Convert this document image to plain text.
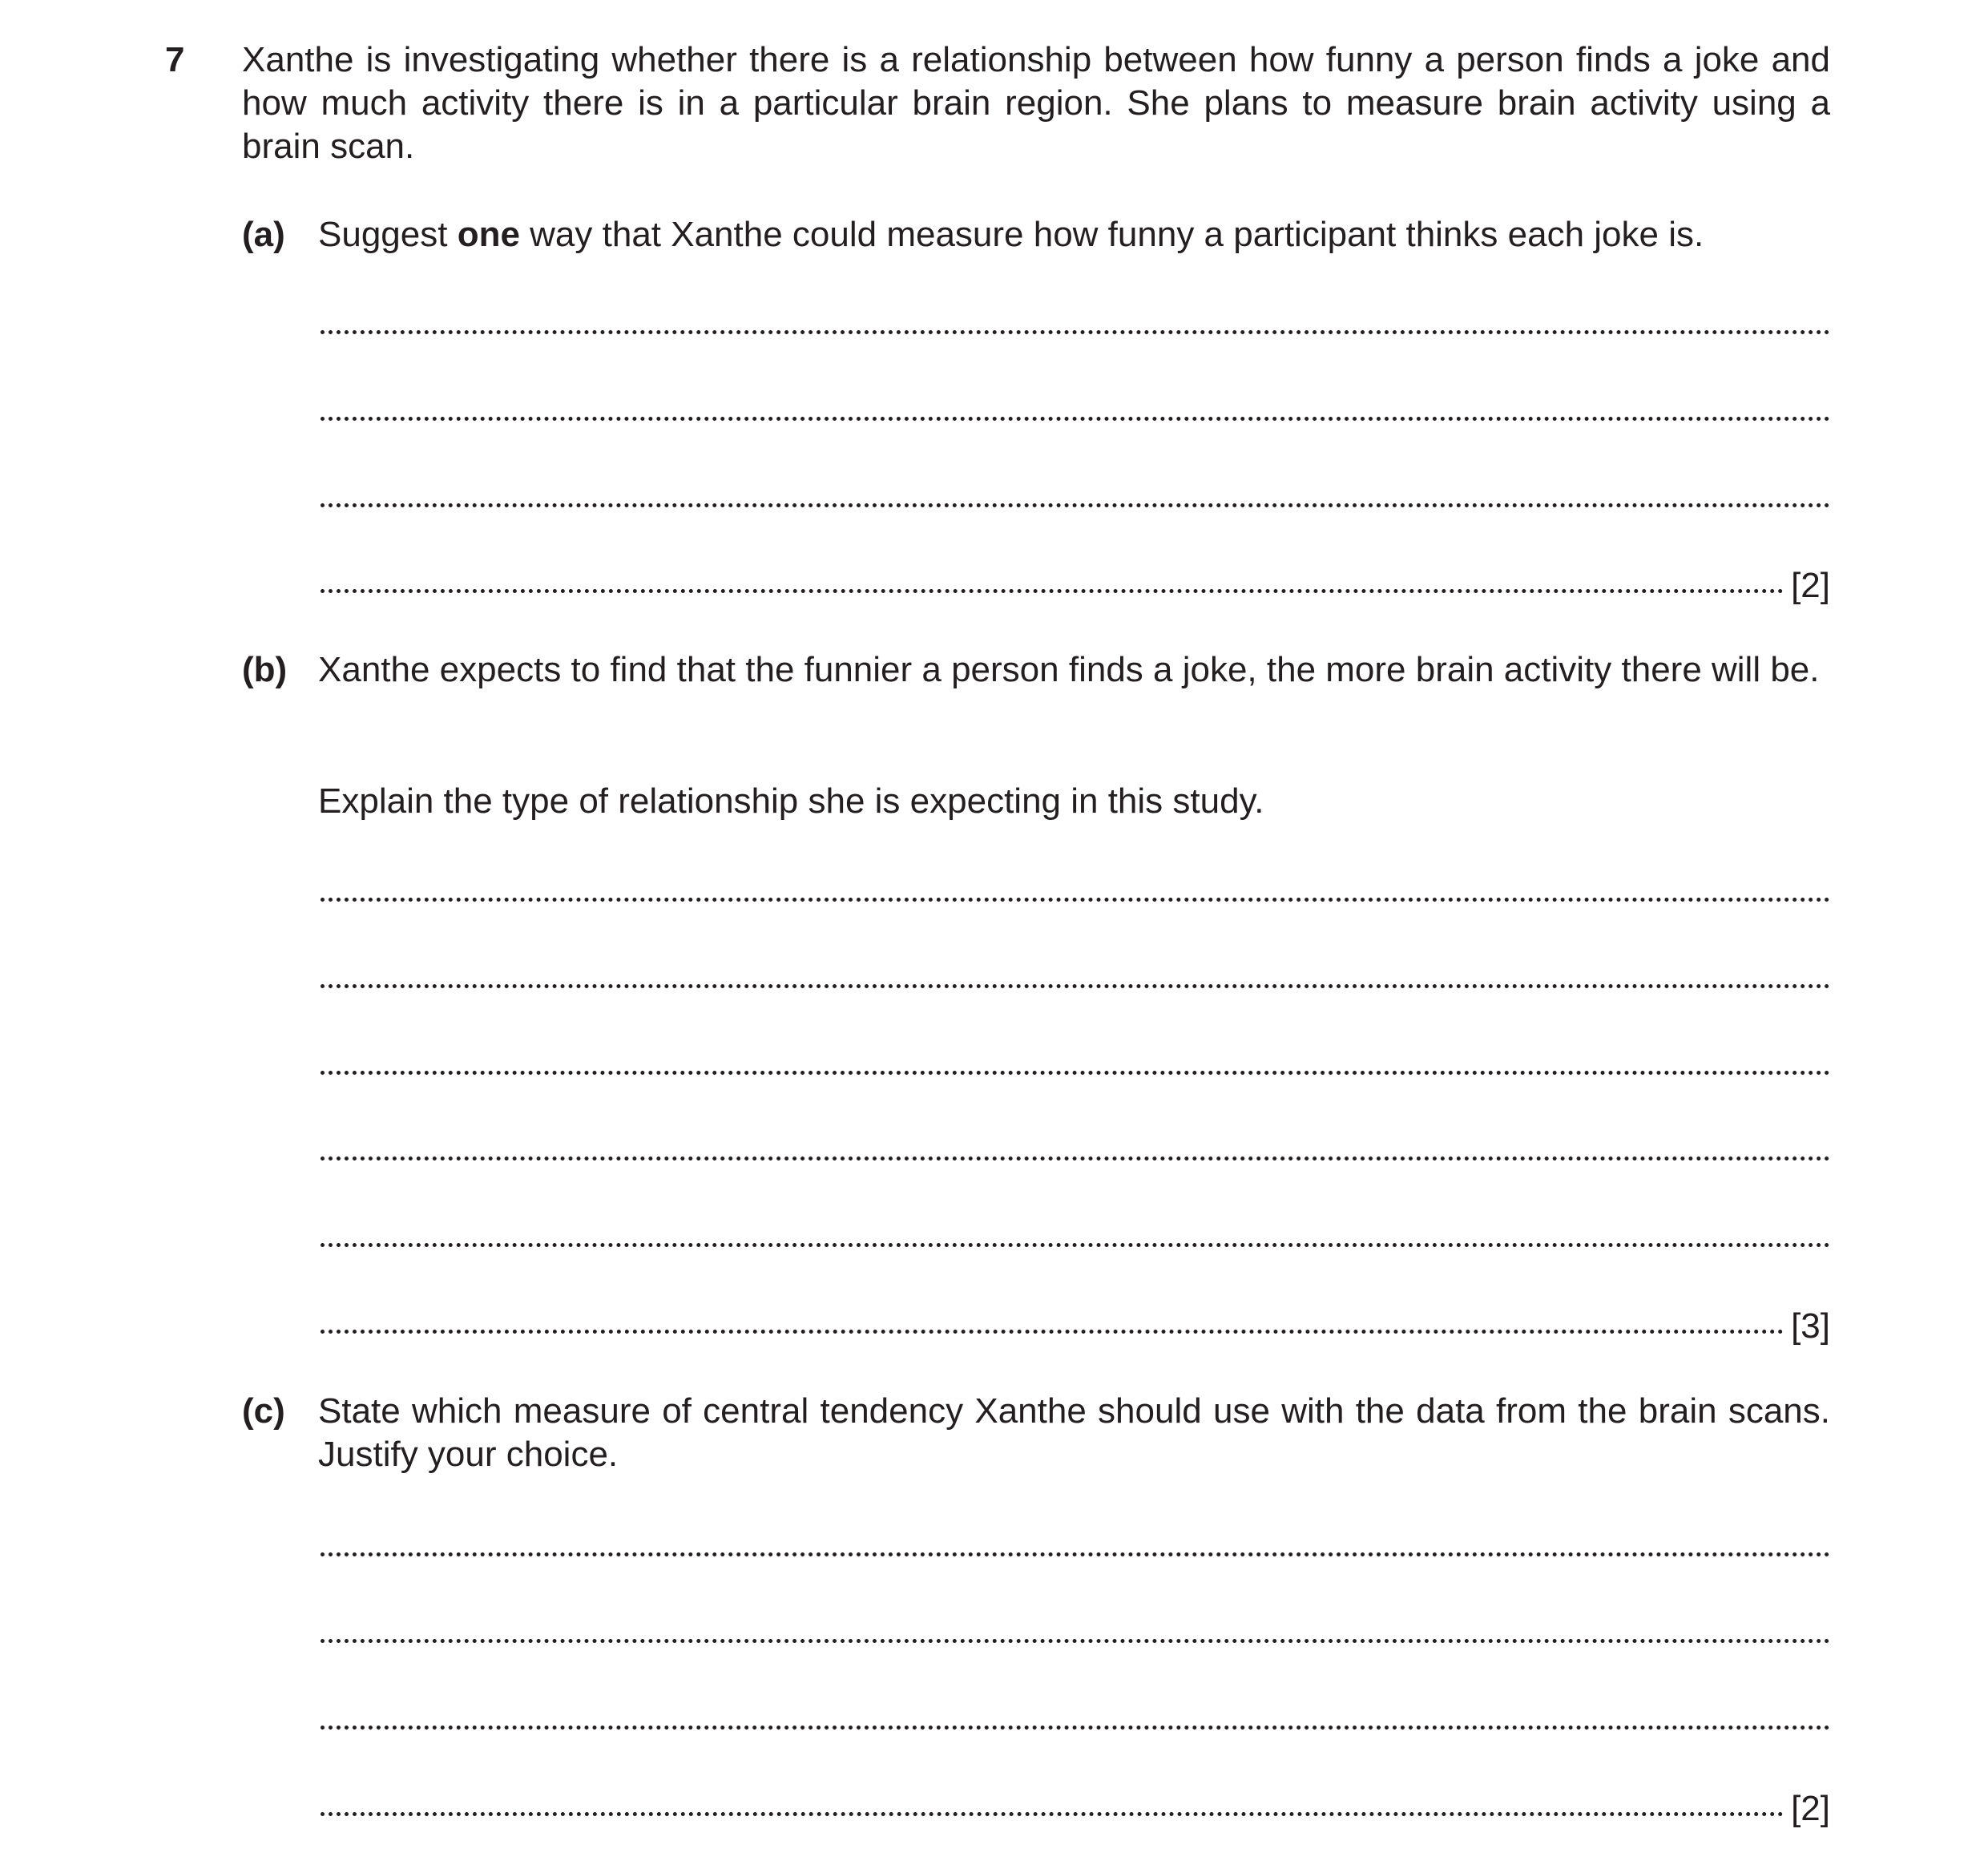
7 Xanthe is investigating whether there is a relationship between how funny a person finds a joke and how much activity there is in a particular brain region. She plans to measure brain activity using a brain scan.
(a) Suggest one way that Xanthe could measure how funny a participant thinks each joke is.
[2]
(b) Xanthe expects to find that the funnier a person finds a joke, the more brain activity there will be.
Explain the type of relationship she is expecting in this study.
[3]
(c) State which measure of central tendency Xanthe should use with the data from the brain scans. Justify your choice.
[2]
